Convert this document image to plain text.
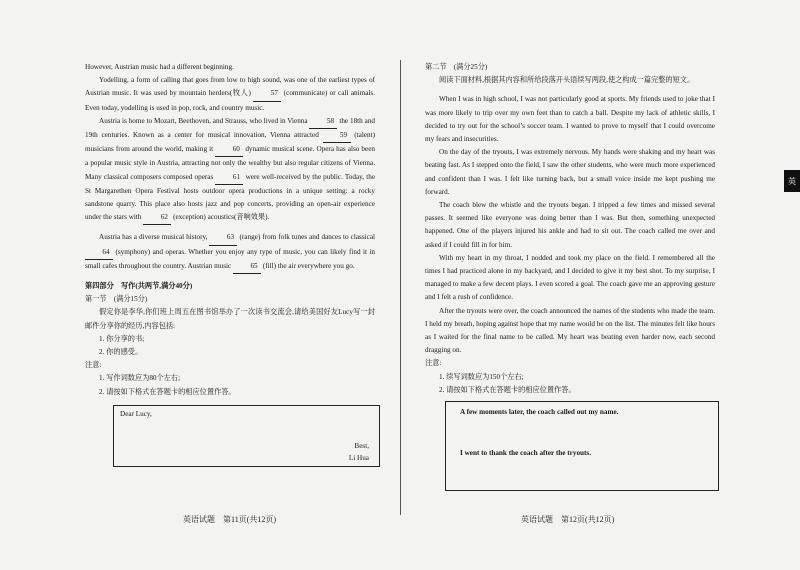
However, Austrian music had a different beginning.

Yodelling, a form of calling that goes from low to high sound, was one of the earliest types of Austrian music. It was used by mountain herders(牧人)	57 (communicate) or call animals. Even today, yodelling is used in pop, rock, and country music.

Austria is home to Mozart, Beethoven, and Strauss, who lived in Vienna	58 the 18th and 19th centuries. Known as a center for musical innovation, Vienna attracted	59 (talent) musicians from around the world, making it	60 dynamic musical scene. Opera has also been a popular music style in Austria, attracting not only the wealthy but also regular citizens of Vienna. Many classical composers composed operas	61 were well-received by the public. Today, the St Margarethen Opera Festival hosts outdoor opera productions in a unique setting: a rocky sandstone quarry. This place also hosts jazz and pop concerts, providing an open-air experience under the stars with	62 (exception) acoustics(音响效果).

Austria has a diverse musical history,	63 (range) from folk tunes and dances to classical 64 (symphony) and operas. Whether you enjoy any type of music, you can likely find it in small cafes throughout the country. Austrian music	65 (fill) the air everywhere you go.

第四部分　写作(共两节,满分40分)

第一节　(满分15分)

假定你是李华,你们班上周五在图书馆举办了一次读书交流会,请给美国好友Lucy写一封邮件分享你的经历,内容包括:

1. 你分享的书;

2. 你的感受。

注意:

1. 写作词数应为80个左右;

2. 请按如下格式在答题卡的相应位置作答。

Dear Lucy,
Best,
Li Hua
英语试题　第11页(共12页)

第二节　(满分25分)

阅读下面材料,根据其内容和所给段落开头语续写两段,使之构成一篇完整的短文。

When I was in high school, I was not particularly good at sports. My friends used to joke that I was more likely to trip over my own feet than to catch a ball. Despite my lack of athletic skills, I decided to try out for the school’s soccer team. I wanted to prove to myself that I could overcome my fears and insecurities.

On the day of the tryouts, I was extremely nervous. My hands were shaking and my heart was beating fast. As I stepped onto the field, I saw the other students, who were much more experienced and confident than I was. I felt like turning back, but a small voice inside me kept pushing me forward.

The coach blew the whistle and the tryouts began. I tripped a few times and missed several passes. It seemed like everyone was doing better than I was. But then, something unexpected happened. One of the players injured his ankle and had to sit out. The coach called me over and asked if I could fill in for him.

With my heart in my throat, I nodded and took my place on the field. I remembered all the times I had practiced alone in my backyard, and I decided to give it my best shot. To my surprise, I managed to make a few decent plays. I even scored a goal. The coach gave me an approving gesture and I felt a rush of confidence.

After the tryouts were over, the coach announced the names of the students who made the team. I held my breath, hoping against hope that my name would be on the list. The minutes felt like hours as I waited for the final name to be called. My heart was beating even harder now, each second dragging on.

注意:

1. 续写词数应为150个左右;

2. 请按如下格式在答题卡的相应位置作答。

A few moments later, the coach called out my name.
I went to thank the coach after the tryouts.
英语试题　第12页(共12页)
英
